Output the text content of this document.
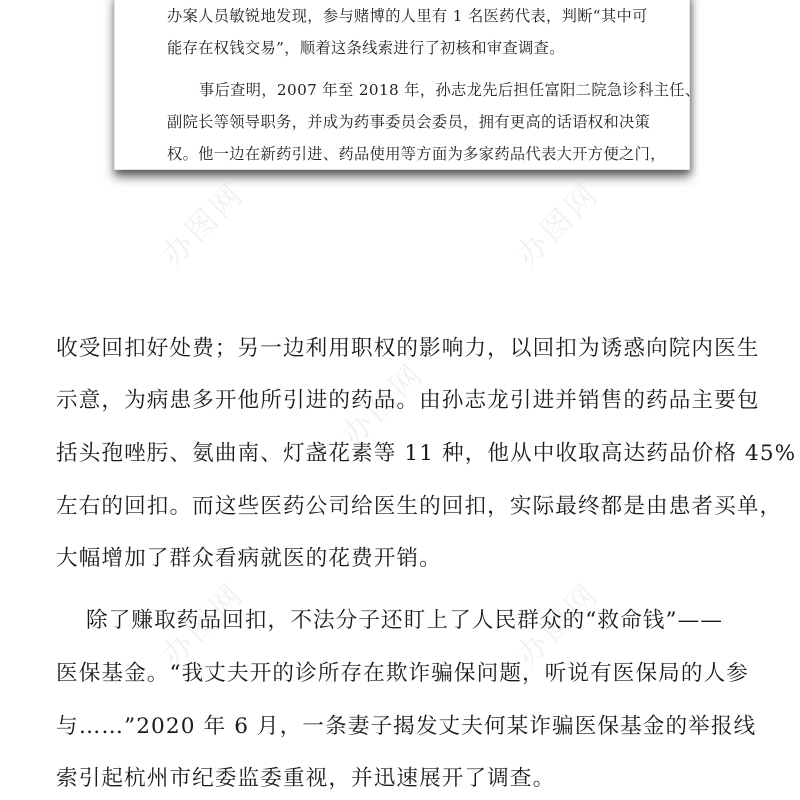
办图网	办图网
办图网
办图网	办图网
办案人员敏锐地发现，参与赌博的人里有 1 名医药代表，判断“其中可
能存在权钱交易”，顺着这条线索进行了初核和审查调查。
事后查明，2007 年至 2018 年，孙志龙先后担任富阳二院急诊科主任、
副院长等领导职务，并成为药事委员会委员，拥有更高的话语权和决策
权。他一边在新药引进、药品使用等方面为多家药品代表大开方便之门，
收受回扣好处费；另一边利用职权的影响力，以回扣为诱惑向院内医生
示意，为病患多开他所引进的药品。由孙志龙引进并销售的药品主要包
括头孢唑肟、氨曲南、灯盏花素等 11 种，他从中收取高达药品价格 45%
左右的回扣。而这些医药公司给医生的回扣，实际最终都是由患者买单，
大幅增加了群众看病就医的花费开销。
除了赚取药品回扣，不法分子还盯上了人民群众的“救命钱”——
医保基金。“我丈夫开的诊所存在欺诈骗保问题，听说有医保局的人参
与……”2020 年 6 月，一条妻子揭发丈夫何某诈骗医保基金的举报线
索引起杭州市纪委监委重视，并迅速展开了调查。
